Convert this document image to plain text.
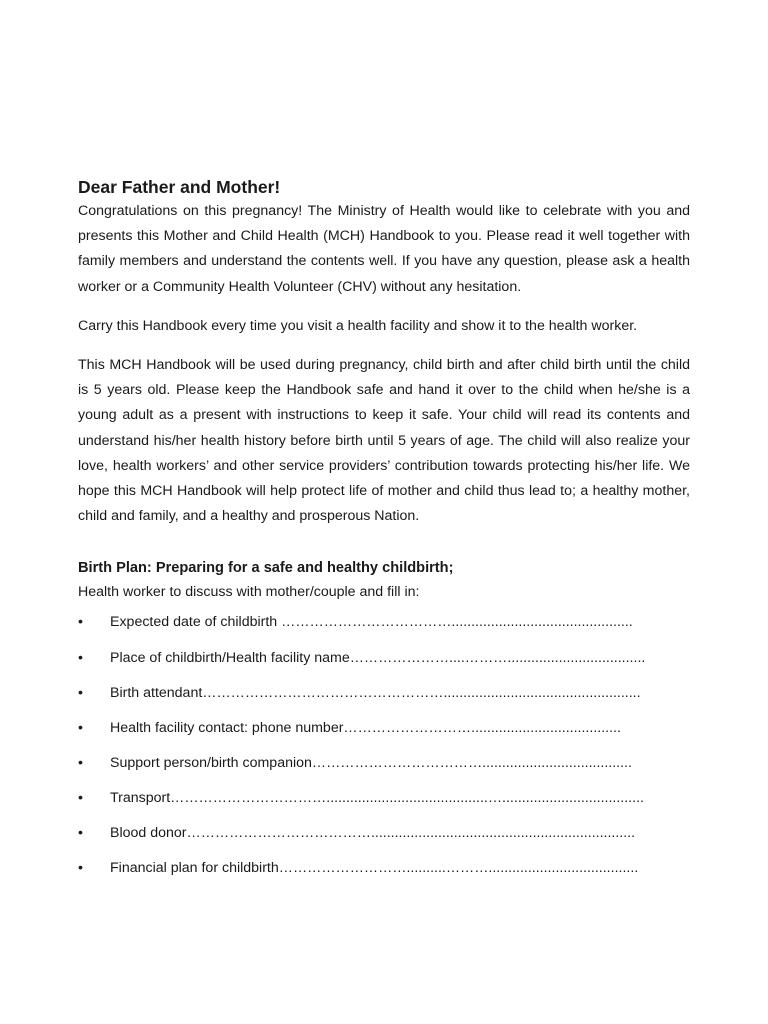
Dear Father and Mother!

Congratulations on this pregnancy! The Ministry of Health would like to celebrate with you and presents this Mother and Child Health (MCH) Handbook to you. Please read it well together with family members and understand the contents well. If you have any question, please ask a health worker or a Community Health Volunteer (CHV) without any hesitation.

Carry this Handbook every time you visit a health facility and show it to the health worker.

This MCH Handbook will be used during pregnancy, child birth and after child birth until the child is 5 years old. Please keep the Handbook safe and hand it over to the child when he/she is a young adult as a present with instructions to keep it safe. Your child will read its contents and understand his/her health history before birth until 5 years of age. The child will also realize your love, health workers’ and other service providers’ contribution towards protecting his/her life. We hope this MCH Handbook will help protect life of mother and child thus lead to; a healthy mother, child and family, and a healthy and prosperous Nation.

Birth Plan: Preparing for a safe and healthy childbirth;

Health worker to discuss with mother/couple and fill in:

•	Expected date of childbirth ………………………………..............................................
•	Place of childbirth/Health facility name…………………....………...................................
•	Birth attendant……………………………………………..................................................
•	Health facility contact: phone number………………………......................................
•	Support person/birth companion………………………………......................................
•	Transport…………………………….........................................…....................................
•	Blood donor…………………………………...................................................................
•	Financial plan for childbirth………………………..........………......................................
